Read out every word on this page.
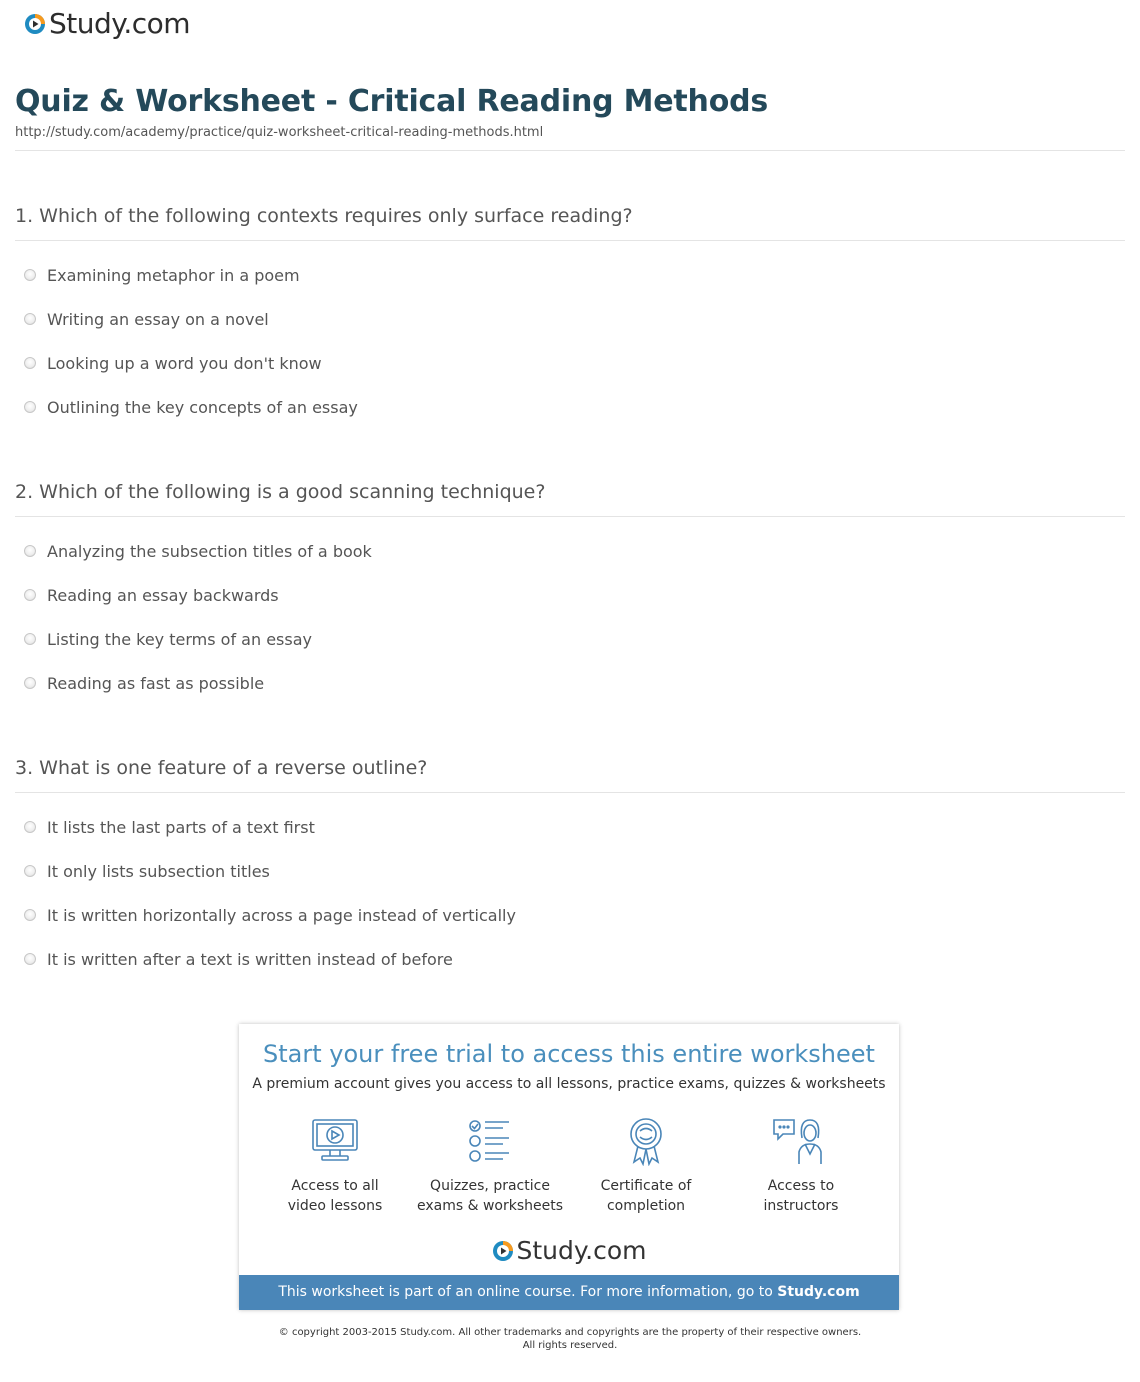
Study.com
Quiz & Worksheet - Critical Reading Methods
http://study.com/academy/practice/quiz-worksheet-critical-reading-methods.html

1. Which of the following contexts requires only surface reading?

Examining metaphor in a poem
Writing an essay on a novel
Looking up a word you don't know
Outlining the key concepts of an essay

2. Which of the following is a good scanning technique?

Analyzing the subsection titles of a book
Reading an essay backwards
Listing the key terms of an essay
Reading as fast as possible

3. What is one feature of a reverse outline?

It lists the last parts of a text first
It only lists subsection titles
It is written horizontally across a page instead of vertically
It is written after a text is written instead of before
Start your free trial to access this entire worksheet
A premium account gives you access to all lessons, practice exams, quizzes & worksheets
Access to all
video lessons
Quizzes, practice
exams & worksheets
Certificate of
completion
Access to
instructors
Study.com
This worksheet is part of an online course. For more information, go to Study.com
© copyright 2003-2015 Study.com. All other trademarks and copyrights are the property of their respective owners.
All rights reserved.
